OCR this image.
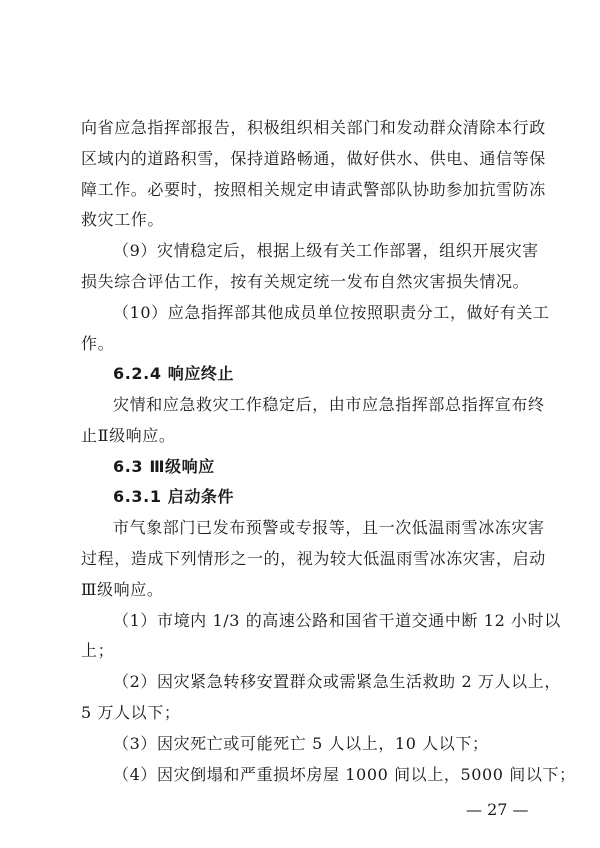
向省应急指挥部报告，积极组织相关部门和发动群众清除本行政
区域内的道路积雪，保持道路畅通，做好供水、供电、通信等保
障工作。必要时，按照相关规定申请武警部队协助参加抗雪防冻
救灾工作。
（9）灾情稳定后，根据上级有关工作部署，组织开展灾害
损失综合评估工作，按有关规定统一发布自然灾害损失情况。
（10）应急指挥部其他成员单位按照职责分工，做好有关工
作。
6.2.4 响应终止
灾情和应急救灾工作稳定后，由市应急指挥部总指挥宣布终
止Ⅱ级响应。
6.3 Ⅲ级响应
6.3.1 启动条件
市气象部门已发布预警或专报等，且一次低温雨雪冰冻灾害
过程，造成下列情形之一的，视为较大低温雨雪冰冻灾害，启动
Ⅲ级响应。
（1）市境内 1/3 的高速公路和国省干道交通中断 12 小时以
上；
（2）因灾紧急转移安置群众或需紧急生活救助 2 万人以上，
5 万人以下；
（3）因灾死亡或可能死亡 5 人以上，10 人以下；
（4）因灾倒塌和严重损坏房屋 1000 间以上，5000 间以下；
— 27 —
